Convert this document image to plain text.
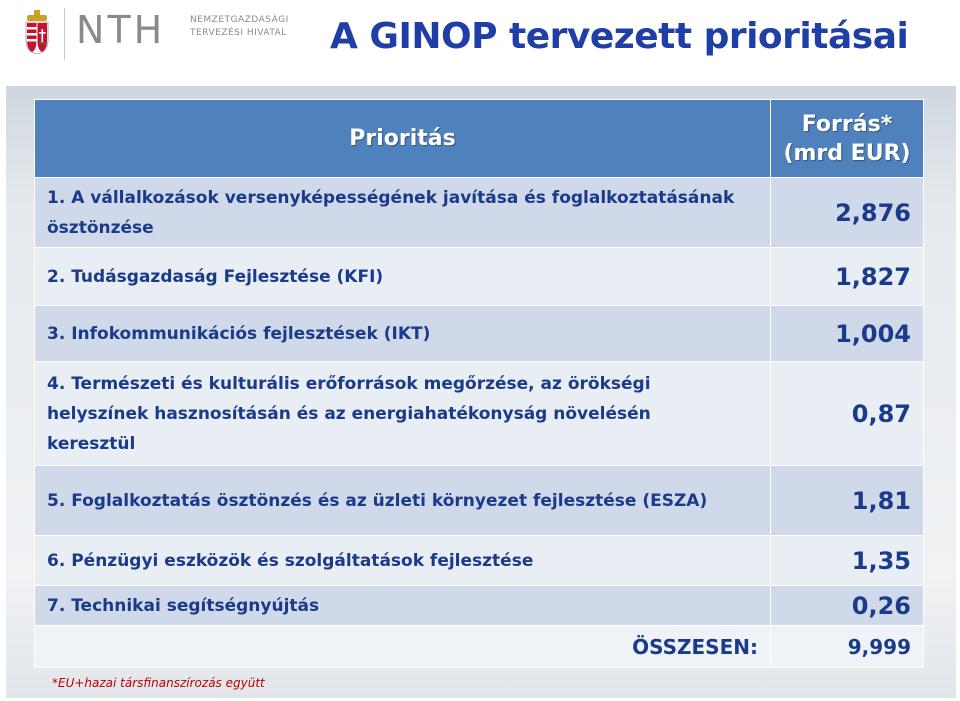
NTH	NEMZETGAZDASÁGI
TERVEZÉSI HIVATAL	A GINOP tervezett prioritásai
Prioritás	Forrás*
(mrd EUR)
1. A vállalkozások versenyképességének javítása és foglalkoztatásának ösztönzése	2,876
2. Tudásgazdaság Fejlesztése (KFI)	1,827
3. Infokommunikációs fejlesztések (IKT)	1,004
4. Természeti és kulturális erőforrások megőrzése, az örökségi helyszínek hasznosításán és az energiahatékonyság növelésén keresztül	0,87
5. Foglalkoztatás ösztönzés és az üzleti környezet fejlesztése (ESZA)	1,81
6. Pénzügyi eszközök és szolgáltatások fejlesztése	1,35
7. Technikai segítségnyújtás	0,26
ÖSSZESEN:	9,999
*EU+hazai társfinanszírozás együtt
